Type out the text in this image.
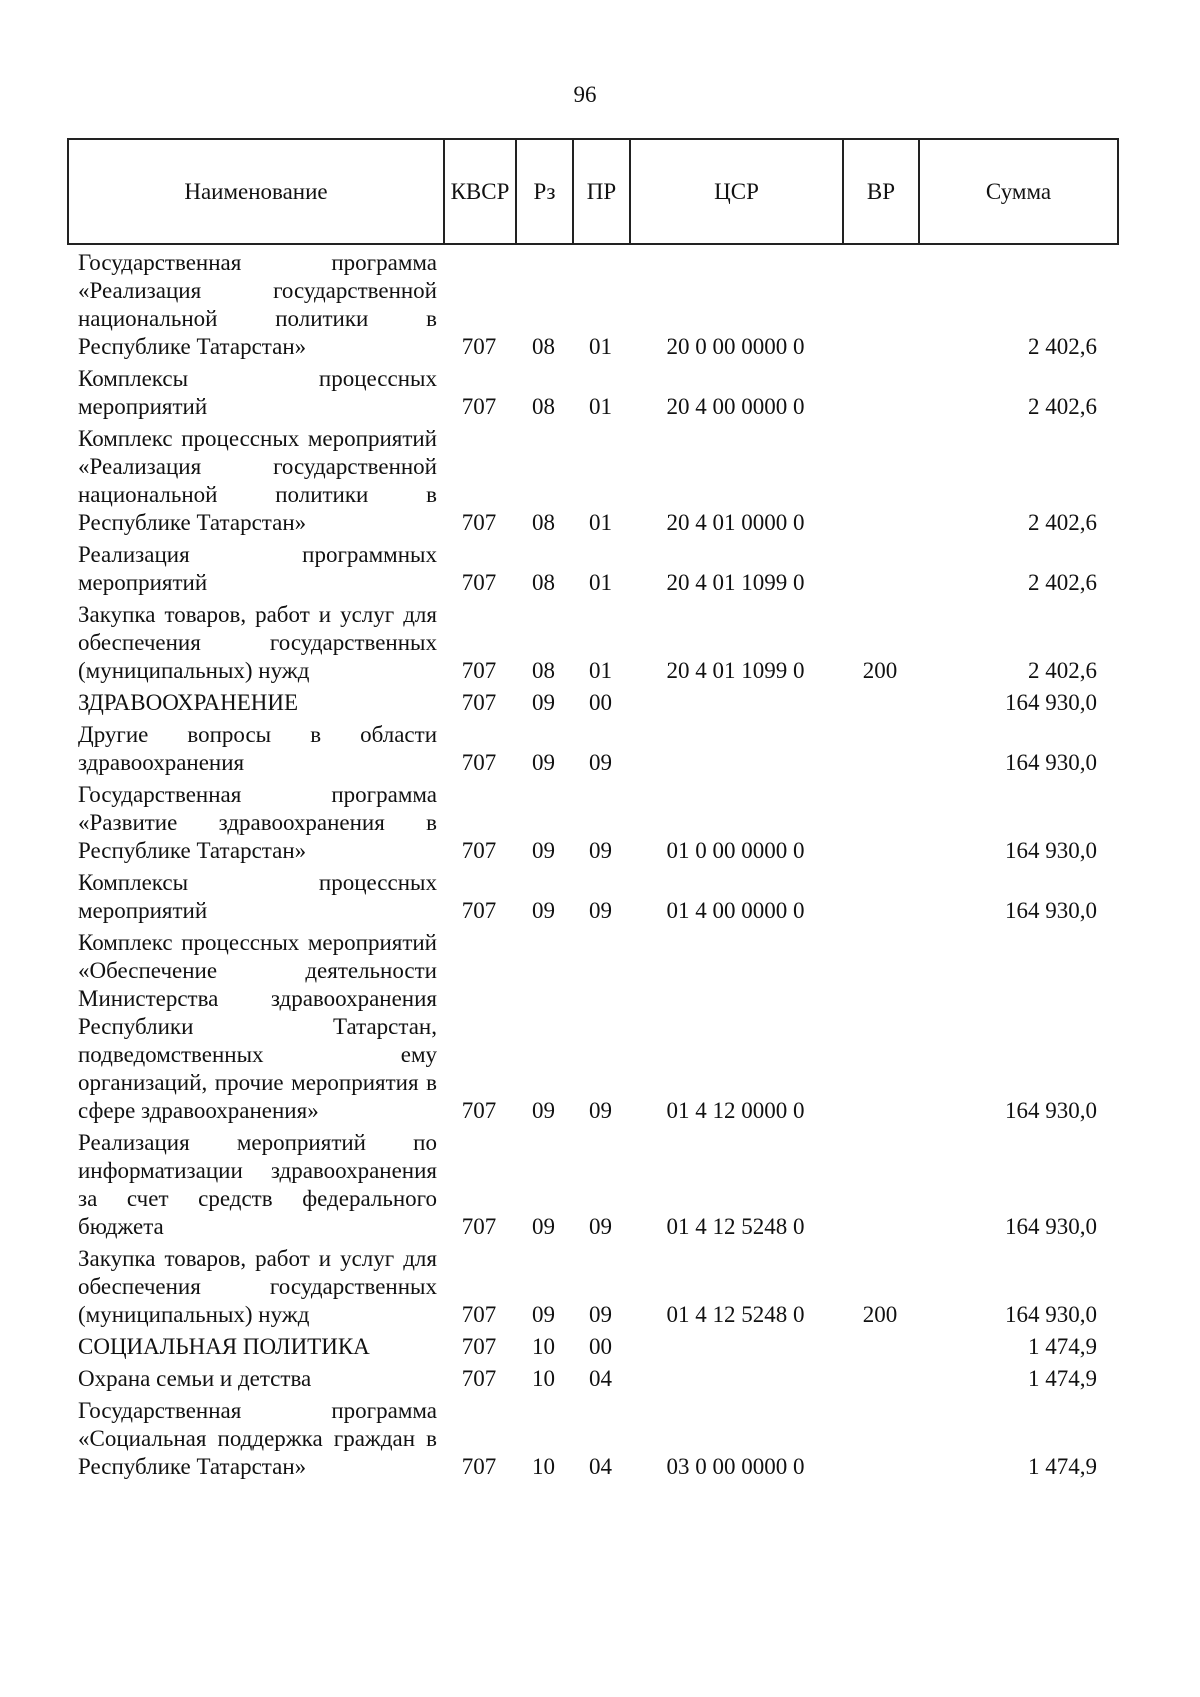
96
Наименование	КВСР	Рз	ПР	ЦСР	ВР	Сумма
Государственная программа «Реализация государственной национальной политики в Республике Татарстан»	707	08	01	20 0 00 0000 0		2 402,6
Комплексы процессных мероприятий	707	08	01	20 4 00 0000 0		2 402,6
Комплекс процессных мероприятий «Реализация государственной национальной политики в Республике Татарстан»	707	08	01	20 4 01 0000 0		2 402,6
Реализация программных мероприятий	707	08	01	20 4 01 1099 0		2 402,6
Закупка товаров, работ и услуг для обеспечения государственных (муниципальных) нужд	707	08	01	20 4 01 1099 0	200	2 402,6
ЗДРАВООХРАНЕНИЕ	707	09	00			164 930,0
Другие вопросы в области здравоохранения	707	09	09			164 930,0
Государственная программа «Развитие здравоохранения в Республике Татарстан»	707	09	09	01 0 00 0000 0		164 930,0
Комплексы процессных мероприятий	707	09	09	01 4 00 0000 0		164 930,0
Комплекс процессных мероприятий «Обеспечение деятельности Министерства здравоохранения Республики Татарстан, подведомственных ему организаций, прочие мероприятия в сфере здравоохранения»	707	09	09	01 4 12 0000 0		164 930,0
Реализация мероприятий по информатизации здравоохранения за счет средств федерального бюджета	707	09	09	01 4 12 5248 0		164 930,0
Закупка товаров, работ и услуг для обеспечения государственных (муниципальных) нужд	707	09	09	01 4 12 5248 0	200	164 930,0
СОЦИАЛЬНАЯ ПОЛИТИКА	707	10	00			1 474,9
Охрана семьи и детства	707	10	04			1 474,9
Государственная программа «Социальная поддержка граждан в Республике Татарстан»	707	10	04	03 0 00 0000 0		1 474,9
